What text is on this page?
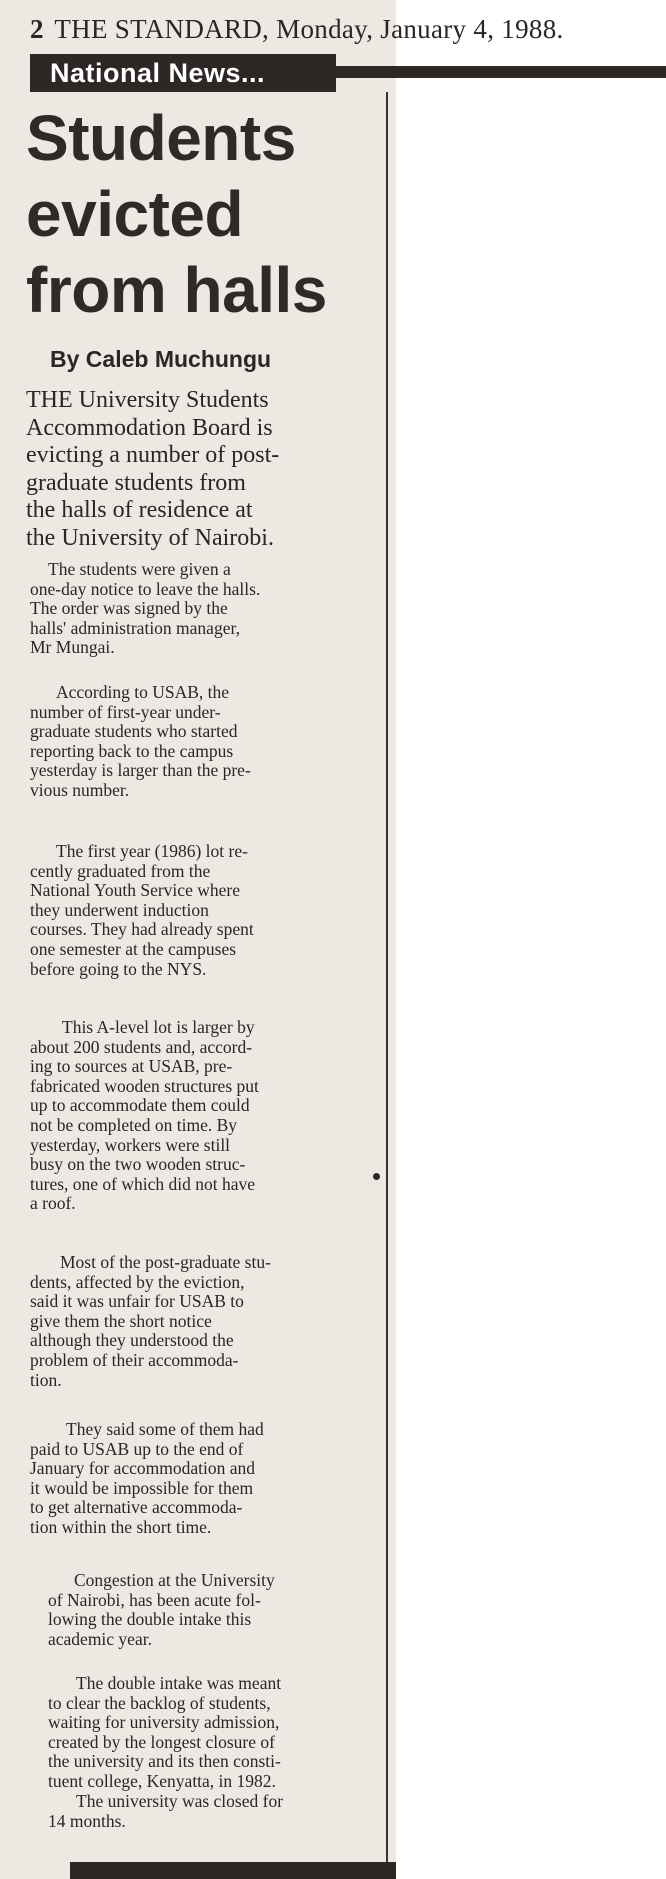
2 THE STANDARD, Monday, January 4, 1988.
National News...
Students
evicted
from halls
By Caleb Muchungu

THE University Students
Accommodation Board is
evicting a number of post-
graduate students from
the halls of residence at
the University of Nairobi.

The students were given a
one-day notice to leave the halls.
The order was signed by the
halls' administration manager,
Mr Mungai.

According to USAB, the
number of first-year under-
graduate students who started
reporting back to the campus
yesterday is larger than the pre-
vious number.

The first year (1986) lot re-
cently graduated from the
National Youth Service where
they underwent induction
courses. They had already spent
one semester at the campuses
before going to the NYS.

This A-level lot is larger by
about 200 students and, accord-
ing to sources at USAB, pre-
fabricated wooden structures put
up to accommodate them could
not be completed on time. By
yesterday, workers were still
busy on the two wooden struc-
tures, one of which did not have
a roof.

Most of the post-graduate stu-
dents, affected by the eviction,
said it was unfair for USAB to
give them the short notice
although they understood the
problem of their accommoda-
tion.

They said some of them had
paid to USAB up to the end of
January for accommodation and
it would be impossible for them
to get alternative accommoda-
tion within the short time.

Congestion at the University
of Nairobi, has been acute fol-
lowing the double intake this
academic year.

The double intake was meant
to clear the backlog of students,
waiting for university admission,
created by the longest closure of
the university and its then consti-
tuent college, Kenyatta, in 1982.

The university was closed for
14 months.
